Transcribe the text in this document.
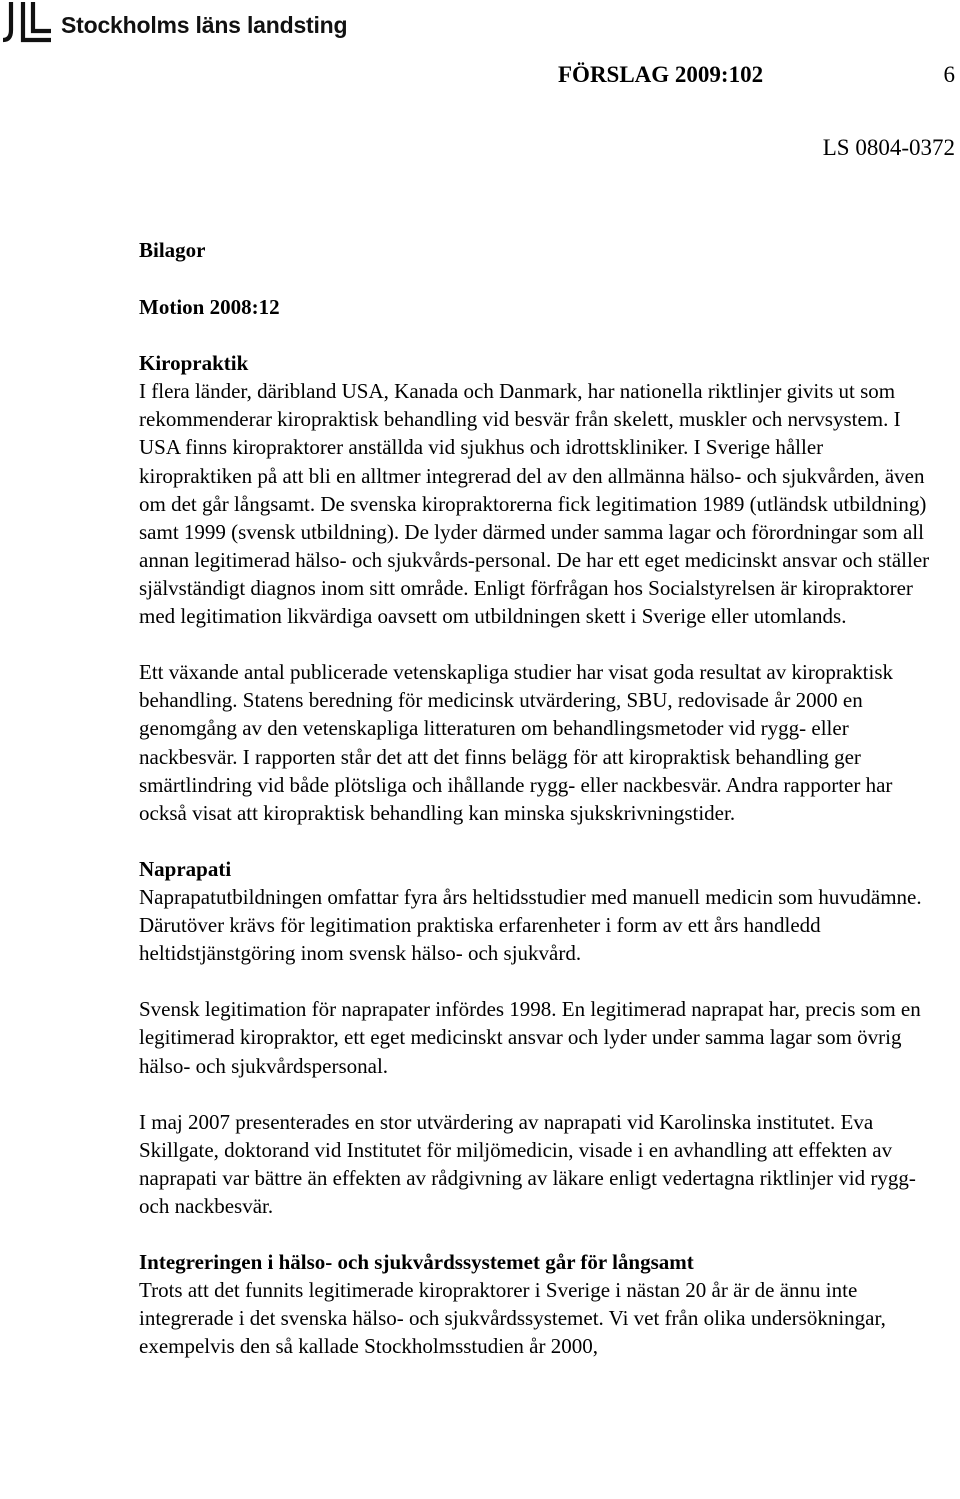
Stockholms läns landsting
FÖRSLAG 2009:102	6
LS 0804-0372

Bilagor

Motion 2008:12

Kiropraktik

I flera länder, däribland USA, Kanada och Danmark, har nationella riktlinjer givits ut som rekommenderar kiropraktisk behandling vid besvär från skelett, muskler och nervsystem. I USA finns kiropraktorer anställda vid sjukhus och idrottskliniker. I Sverige håller kiropraktiken på att bli en alltmer integrerad del av den allmänna hälso- och sjukvården, även om det går långsamt. De svenska kiropraktorerna fick legitimation 1989 (utländsk utbildning) samt 1999 (svensk utbildning). De lyder därmed under samma lagar och förordningar som all annan legitimerad hälso- och sjukvårds-personal. De har ett eget medicinskt ansvar och ställer självständigt diagnos inom sitt område. Enligt förfrågan hos Socialstyrelsen är kiropraktorer med legitimation likvärdiga oavsett om utbildningen skett i Sverige eller utomlands.

Ett växande antal publicerade vetenskapliga studier har visat goda resultat av kiropraktisk behandling. Statens beredning för medicinsk utvärdering, SBU, redovisade år 2000 en genomgång av den vetenskapliga litteraturen om behandlingsmetoder vid rygg- eller nackbesvär. I rapporten står det att det finns belägg för att kiropraktisk behandling ger smärtlindring vid både plötsliga och ihållande rygg- eller nackbesvär. Andra rapporter har också visat att kiropraktisk behandling kan minska sjukskrivningstider.

Naprapati

Naprapatutbildningen omfattar fyra års heltidsstudier med manuell medicin som huvudämne. Därutöver krävs för legitimation praktiska erfarenheter i form av ett års handledd heltidstjänstgöring inom svensk hälso- och sjukvård.

Svensk legitimation för naprapater infördes 1998. En legitimerad naprapat har, precis som en legitimerad kiropraktor, ett eget medicinskt ansvar och lyder under samma lagar som övrig hälso- och sjukvårdspersonal.

I maj 2007 presenterades en stor utvärdering av naprapati vid Karolinska institutet. Eva Skillgate, doktorand vid Institutet för miljömedicin, visade i en avhandling att effekten av naprapati var bättre än effekten av rådgivning av läkare enligt vedertagna riktlinjer vid rygg- och nackbesvär.

Integreringen i hälso- och sjukvårdssystemet går för långsamt

Trots att det funnits legitimerade kiropraktorer i Sverige i nästan 20 år är de ännu inte integrerade i det svenska hälso- och sjukvårdssystemet. Vi vet från olika undersökningar, exempelvis den så kallade Stockholmsstudien år 2000,
